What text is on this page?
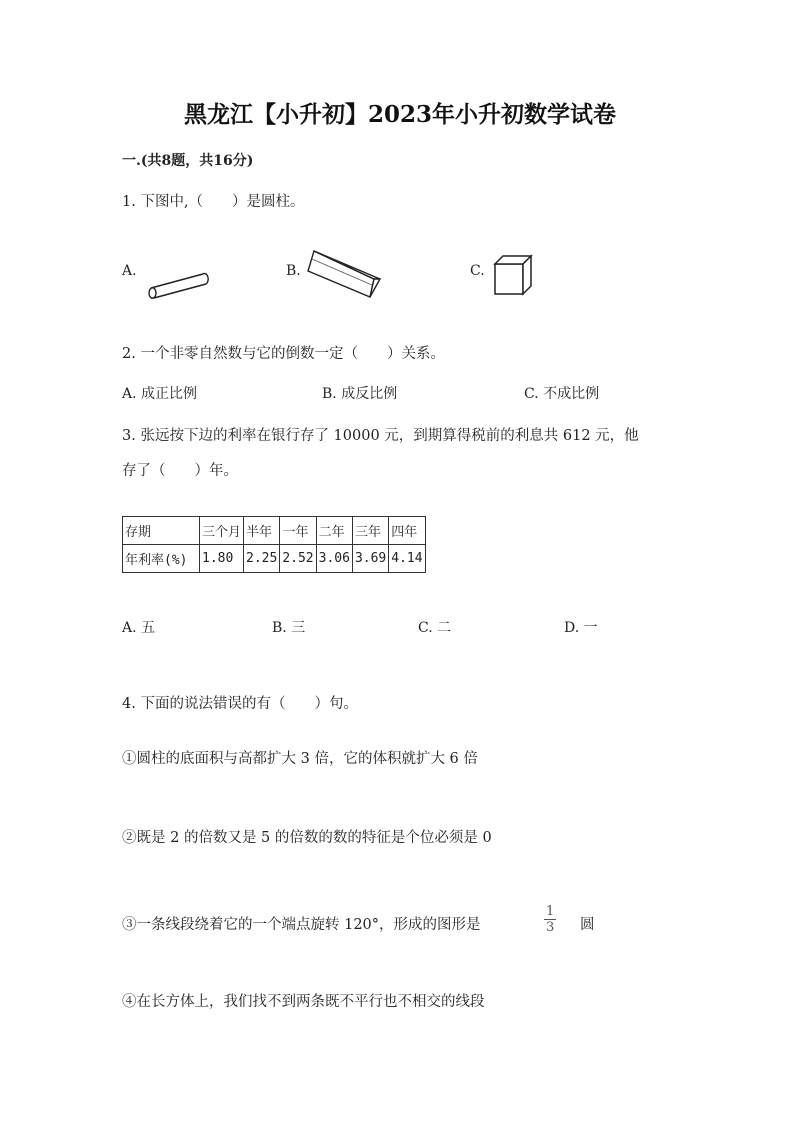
黑龙江【小升初】2023年小升初数学试卷
一.(共8题，共16分)
1. 下图中,（　　）是圆柱。
A.	B.	C.
2. 一个非零自然数与它的倒数一定（　　）关系。
A. 成正比例	B. 成反比例	C. 不成比例
3. 张远按下边的利率在银行存了 10000 元，到期算得税前的利息共 612 元，他
存了（　　）年。
存期	三个月	半年	一年	二年	三年	四年
年利率(%)	1.80	2.25	2.52	3.06	3.69	4.14
A. 五	B. 三	C. 二	D. 一
4. 下面的说法错误的有（　　）句。
①圆柱的底面积与高都扩大 3 倍，它的体积就扩大 6 倍
②既是 2 的倍数又是 5 的倍数的数的特征是个位必须是 0
③一条线段绕着它的一个端点旋转 120°，形成的图形是	$\frac{1}{3}$ 圆
④在长方体上，我们找不到两条既不平行也不相交的线段
